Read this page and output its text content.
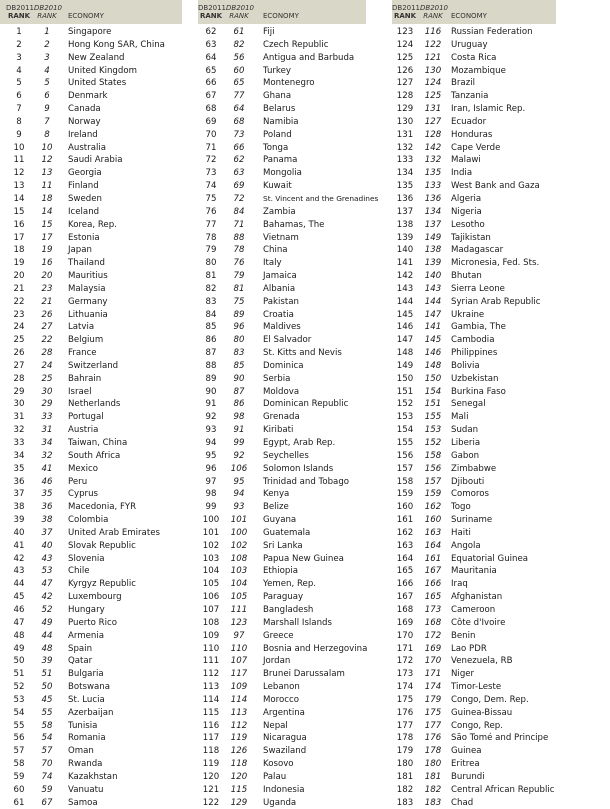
DB2011
RANK
DB2010
RANK	ECONOMY
1	1	Singapore
2	2	Hong Kong SAR, China
3	3	New Zealand
4	4	United Kingdom
5	5	United States
6	6	Denmark
7	9	Canada
8	7	Norway
9	8	Ireland
10	10	Australia
11	12	Saudi Arabia
12	13	Georgia
13	11	Finland
14	18	Sweden
15	14	Iceland
16	15	Korea, Rep.
17	17	Estonia
18	19	Japan
19	16	Thailand
20	20	Mauritius
21	23	Malaysia
22	21	Germany
23	26	Lithuania
24	27	Latvia
25	22	Belgium
26	28	France
27	24	Switzerland
28	25	Bahrain
29	30	Israel
30	29	Netherlands
31	33	Portugal
32	31	Austria
33	34	Taiwan, China
34	32	South Africa
35	41	Mexico
36	46	Peru
37	35	Cyprus
38	36	Macedonia, FYR
39	38	Colombia
40	37	United Arab Emirates
41	40	Slovak Republic
42	43	Slovenia
43	53	Chile
44	47	Kyrgyz Republic
45	42	Luxembourg
46	52	Hungary
47	49	Puerto Rico
48	44	Armenia
49	48	Spain
50	39	Qatar
51	51	Bulgaria
52	50	Botswana
53	45	St. Lucia
54	55	Azerbaijan
55	58	Tunisia
56	54	Romania
57	57	Oman
58	70	Rwanda
59	74	Kazakhstan
60	59	Vanuatu
61	67	Samoa
DB2011
RANK
DB2010
RANK	ECONOMY
62	61	Fiji
63	82	Czech Republic
64	56	Antigua and Barbuda
65	60	Turkey
66	65	Montenegro
67	77	Ghana
68	64	Belarus
69	68	Namibia
70	73	Poland
71	66	Tonga
72	62	Panama
73	63	Mongolia
74	69	Kuwait
75	72	St. Vincent and the Grenadines
76	84	Zambia
77	71	Bahamas, The
78	88	Vietnam
79	78	China
80	76	Italy
81	79	Jamaica
82	81	Albania
83	75	Pakistan
84	89	Croatia
85	96	Maldives
86	80	El Salvador
87	83	St. Kitts and Nevis
88	85	Dominica
89	90	Serbia
90	87	Moldova
91	86	Dominican Republic
92	98	Grenada
93	91	Kiribati
94	99	Egypt, Arab Rep.
95	92	Seychelles
96	106	Solomon Islands
97	95	Trinidad and Tobago
98	94	Kenya
99	93	Belize
100	101	Guyana
101	100	Guatemala
102	102	Sri Lanka
103	108	Papua New Guinea
104	103	Ethiopia
105	104	Yemen, Rep.
106	105	Paraguay
107	111	Bangladesh
108	123	Marshall Islands
109	97	Greece
110	110	Bosnia and Herzegovina
111	107	Jordan
112	117	Brunei Darussalam
113	109	Lebanon
114	114	Morocco
115	113	Argentina
116	112	Nepal
117	119	Nicaragua
118	126	Swaziland
119	118	Kosovo
120	120	Palau
121	115	Indonesia
122	129	Uganda
DB2011
RANK
DB2010
RANK	ECONOMY
123	116	Russian Federation
124	122	Uruguay
125	121	Costa Rica
126	130	Mozambique
127	124	Brazil
128	125	Tanzania
129	131	Iran, Islamic Rep.
130	127	Ecuador
131	128	Honduras
132	142	Cape Verde
133	132	Malawi
134	135	India
135	133	West Bank and Gaza
136	136	Algeria
137	134	Nigeria
138	137	Lesotho
139	149	Tajikistan
140	138	Madagascar
141	139	Micronesia, Fed. Sts.
142	140	Bhutan
143	143	Sierra Leone
144	144	Syrian Arab Republic
145	147	Ukraine
146	141	Gambia, The
147	145	Cambodia
148	146	Philippines
149	148	Bolivia
150	150	Uzbekistan
151	154	Burkina Faso
152	151	Senegal
153	155	Mali
154	153	Sudan
155	152	Liberia
156	158	Gabon
157	156	Zimbabwe
158	157	Djibouti
159	159	Comoros
160	162	Togo
161	160	Suriname
162	163	Haiti
163	164	Angola
164	161	Equatorial Guinea
165	167	Mauritania
166	166	Iraq
167	165	Afghanistan
168	173	Cameroon
169	168	Côte d'Ivoire
170	172	Benin
171	169	Lao PDR
172	170	Venezuela, RB
173	171	Niger
174	174	Timor-Leste
175	179	Congo, Dem. Rep.
176	175	Guinea-Bissau
177	177	Congo, Rep.
178	176	São Tomé and Principe
179	178	Guinea
180	180	Eritrea
181	181	Burundi
182	182	Central African Republic
183	183	Chad
